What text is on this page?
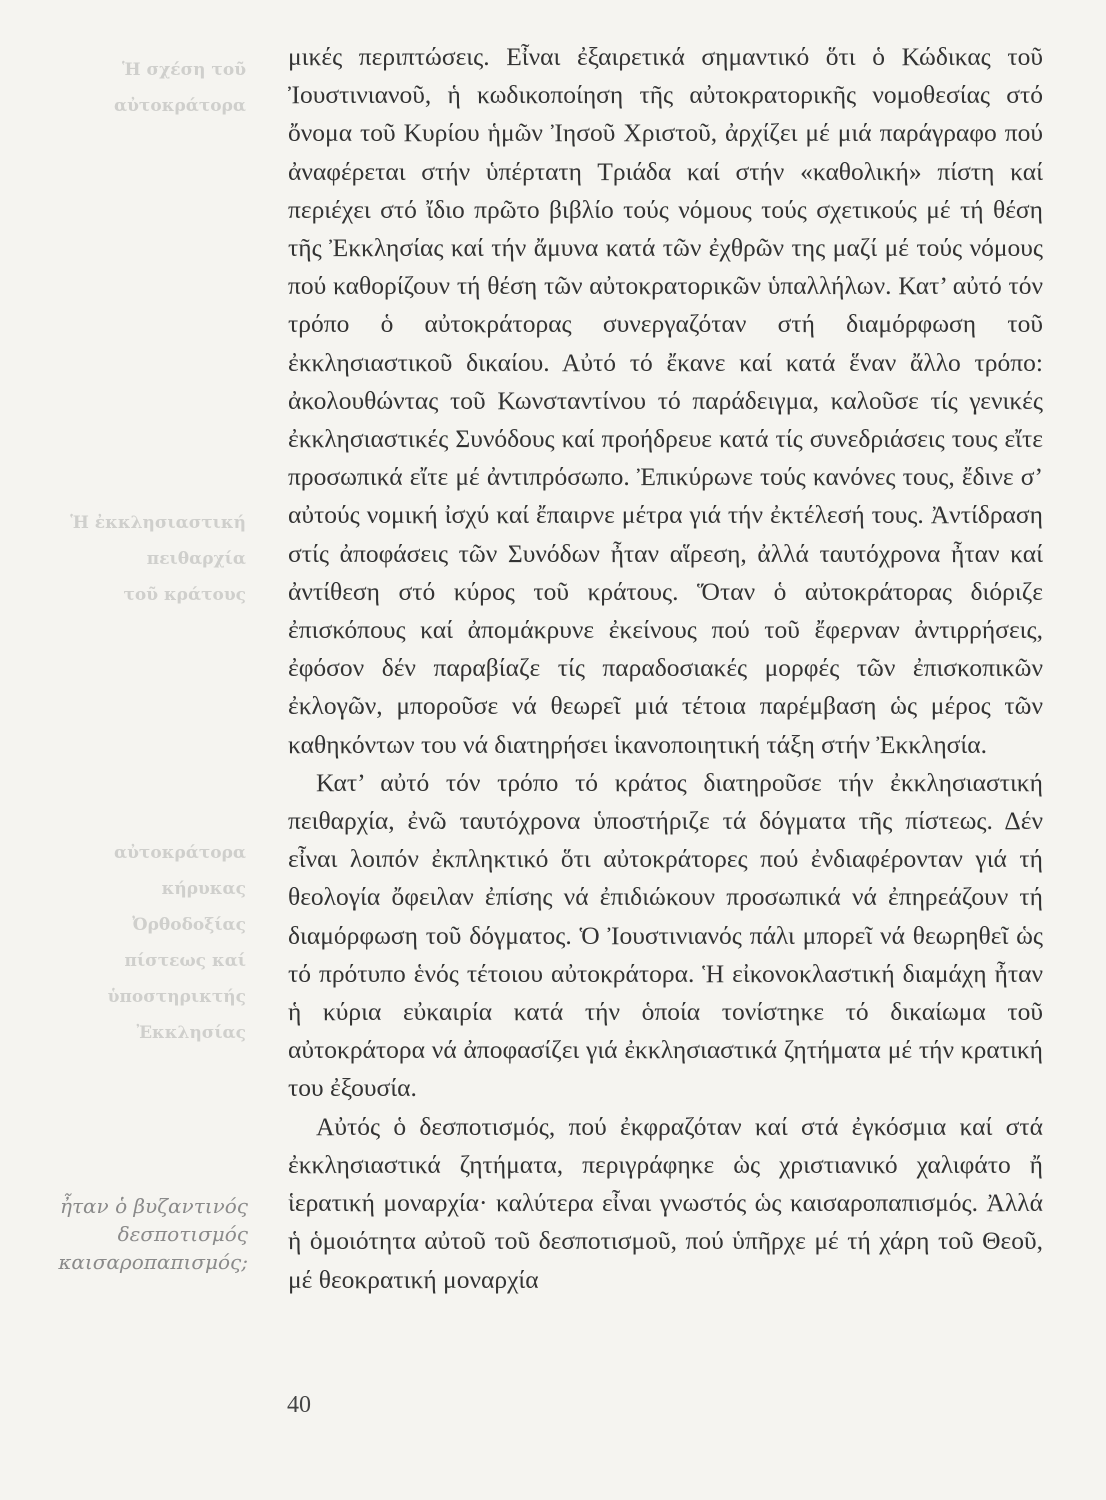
Ἡ σχέση τοῦ
αὐτοκράτορα
Ἡ ἐκκλησιαστική
πειθαρχία
τοῦ κράτους
αὐτοκράτορα
κήρυκας
Ὀρθοδοξίας
πίστεως καί
ὑποστηρικτής
Ἐκκλησίας
ἦταν ὁ βυζαντινός
δεσποτισμός
καισαροπαπισμός;

μικές περιπτώσεις. Εἶναι ἐξαιρετικά σημαντικό ὅτι ὁ Κώδικας τοῦ Ἰουστινιανοῦ, ἡ κωδικοποίηση τῆς αὐτοκρατορικῆς νομοθεσίας στό ὄνομα τοῦ Κυρίου ἡμῶν Ἰησοῦ Χριστοῦ, ἀρχίζει μέ μιά παράγραφο πού ἀναφέρεται στήν ὑπέρτατη Τριάδα καί στήν «καθολική» πίστη καί περιέχει στό ἴδιο πρῶτο βιβλίο τούς νόμους τούς σχετικούς μέ τή θέση τῆς Ἐκκλησίας καί τήν ἄμυνα κατά τῶν ἐχθρῶν της μαζί μέ τούς νόμους πού καθορίζουν τή θέση τῶν αὐτοκρατορικῶν ὑπαλλήλων. Κατ’ αὐτό τόν τρόπο ὁ αὐτοκράτορας συνεργαζόταν στή διαμόρφωση τοῦ ἐκκλησιαστικοῦ δικαίου. Αὐτό τό ἔκανε καί κατά ἕναν ἄλλο τρόπο: ἀκολουθώντας τοῦ Κωνσταντίνου τό παράδειγμα, καλοῦσε τίς γενικές ἐκκλησιαστικές Συνόδους καί προήδρευε κατά τίς συνεδριάσεις τους εἴτε προσωπικά εἴτε μέ ἀντιπρόσωπο. Ἐπικύρωνε τούς κανόνες τους, ἔδινε σ’ αὐτούς νομική ἰσχύ καί ἔπαιρνε μέτρα γιά τήν ἐκτέλεσή τους. Ἀντίδραση στίς ἀποφάσεις τῶν Συνόδων ἦταν αἵρεση, ἀλλά ταυτόχρονα ἦταν καί ἀντίθεση στό κύρος τοῦ κράτους. Ὅταν ὁ αὐτοκράτορας διόριζε ἐπισκόπους καί ἀπομάκρυνε ἐκείνους πού τοῦ ἔφερναν ἀντιρρήσεις, ἐφόσον δέν παραβίαζε τίς παραδοσιακές μορφές τῶν ἐπισκοπικῶν ἐκλογῶν, μποροῦσε νά θεωρεῖ μιά τέτοια παρέμβαση ὡς μέρος τῶν καθηκόντων του νά διατηρήσει ἱκανοποιητική τάξη στήν Ἐκκλησία.

Κατ’ αὐτό τόν τρόπο τό κράτος διατηροῦσε τήν ἐκκλησιαστική πειθαρχία, ἐνῶ ταυτόχρονα ὑποστήριζε τά δόγματα τῆς πίστεως. Δέν εἶναι λοιπόν ἐκπληκτικό ὅτι αὐτοκράτορες πού ἐνδιαφέρονταν γιά τή θεολογία ὄφειλαν ἐπίσης νά ἐπιδιώκουν προσωπικά νά ἐπηρεάζουν τή διαμόρφωση τοῦ δόγματος. Ὁ Ἰουστινιανός πάλι μπορεῖ νά θεωρηθεῖ ὡς τό πρότυπο ἑνός τέτοιου αὐτοκράτορα. Ἡ εἰκονοκλαστική διαμάχη ἦταν ἡ κύρια εὐκαιρία κατά τήν ὁποία τονίστηκε τό δικαίωμα τοῦ αὐτοκράτορα νά ἀποφασίζει γιά ἐκκλησιαστικά ζητήματα μέ τήν κρατική του ἐξουσία.

Αὐτός ὁ δεσποτισμός, πού ἐκφραζόταν καί στά ἐγκόσμια καί στά ἐκκλησιαστικά ζητήματα, περιγράφηκε ὡς χριστιανικό χαλιφάτο ἤ ἱερατική μοναρχία· καλύτερα εἶναι γνωστός ὡς καισαροπαπισμός. Ἀλλά ἡ ὁμοιότητα αὐτοῦ τοῦ δεσποτισμοῦ, πού ὑπῆρχε μέ τή χάρη τοῦ Θεοῦ, μέ θεοκρατική μοναρχία

40
